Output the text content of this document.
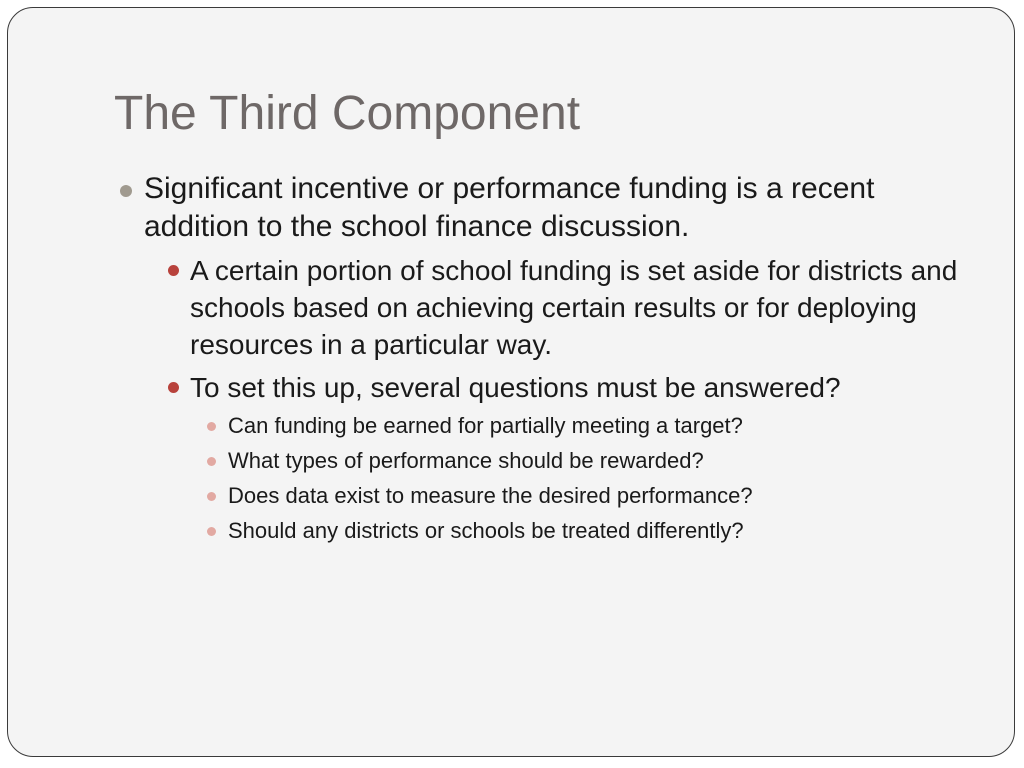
The Third Component
Significant incentive or performance funding is a recent addition to the school finance discussion.
A certain portion of school funding is set aside for districts and schools based on achieving certain results or for deploying resources in a particular way.
To set this up, several questions must be answered?
Can funding be earned for partially meeting a target?
What types of performance should be rewarded?
Does data exist to measure the desired performance?
Should any districts or schools be treated differently?
